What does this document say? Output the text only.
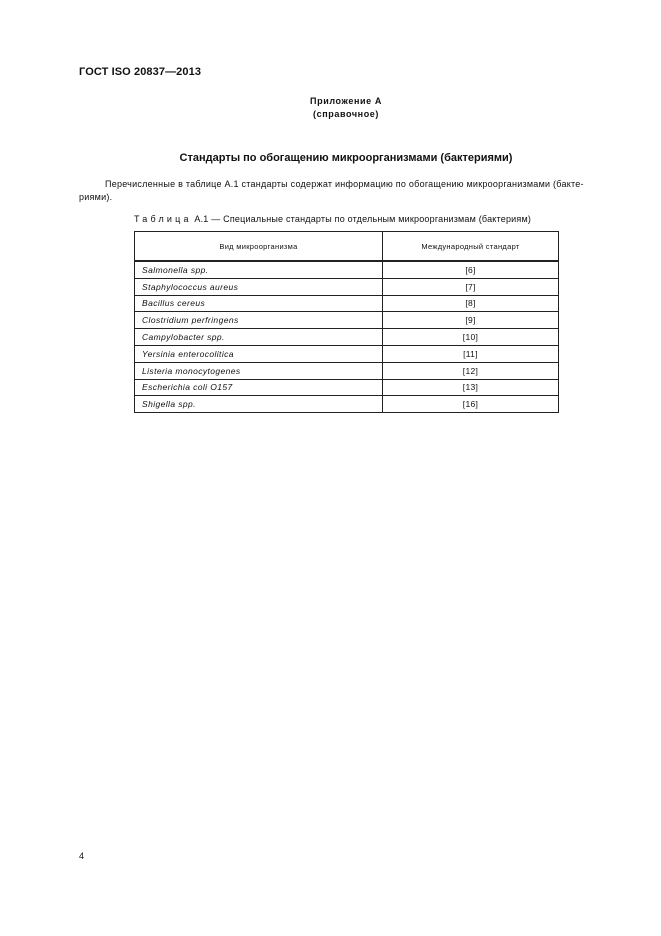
ГОСТ ISO 20837—2013
Приложение А
(справочное)
Стандарты по обогащению микроорганизмами (бактериями)
Перечисленные в таблице А.1 стандарты содержат информацию по обогащению микроорганизмами (бакте-
риями).
Таблица А.1 — Специальные стандарты по отдельным микроорганизмам (бактериям)
Вид микроорганизма	Международный стандарт
Salmonella spp.	[6]
Staphylococcus aureus	[7]
Bacillus cereus	[8]
Clostridium perfringens	[9]
Campylobacter spp.	[10]
Yersinia enterocolitica	[11]
Listeria monocytogenes	[12]
Escherichia coli O157	[13]
Shigella spp.	[16]
4
